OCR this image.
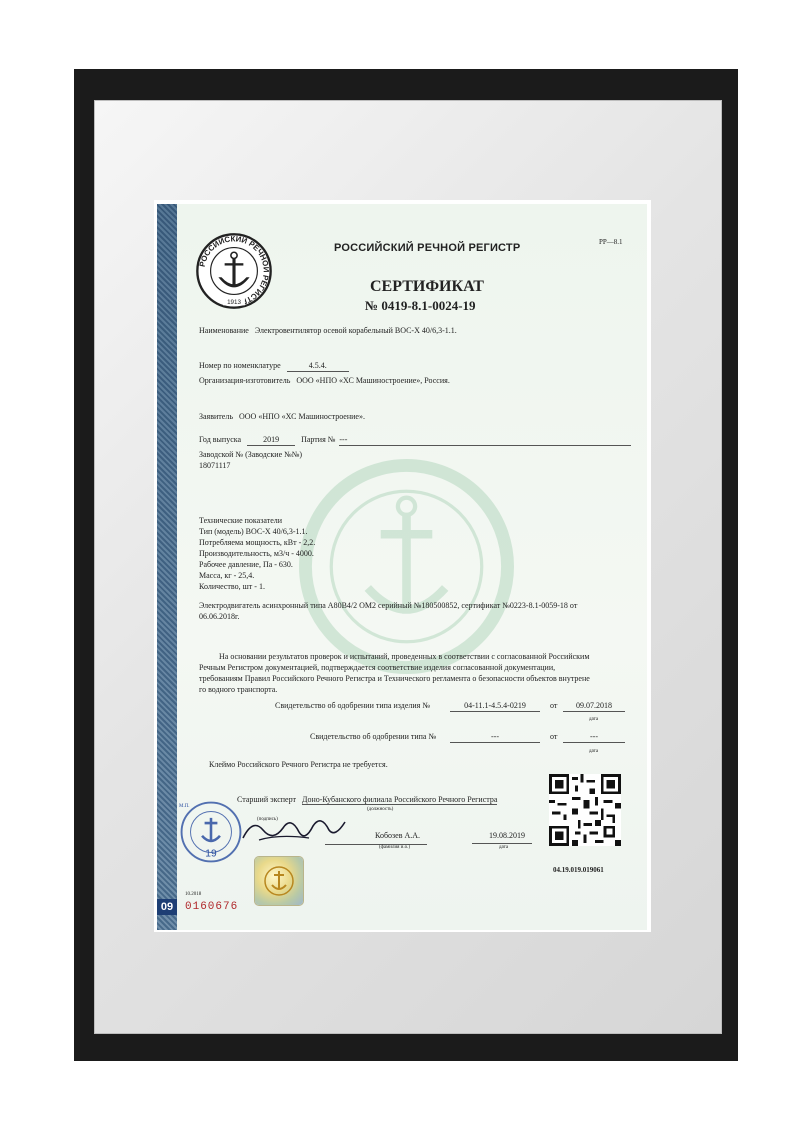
РОССИЙСКИЙ РЕЧНОЙ РЕГИСТ
1913
РОССИЙСКИЙ РЕЧНОЙ РЕГИСТР	РР—8.1
СЕРТИФИКАТ
№ 0419-8.1-0024-19
Наименование Электровентилятор осевой корабельный ВОС-Х 40/6,3-1.1.
Номер по номенклатуре	4.5.4.
Организация-изготовитель ООО «НПО «ХС Машиностроение», Россия.
Заявитель ООО «НПО «ХС Машиностроение».
Год выпуска	2019	Партия № ---
Заводской № (Заводские №№)
18071117
Технические показатели
Тип (модель) ВОС-Х 40/6,3-1.1.
Потребляема мощность, кВт - 2,2.
Производительность, м3/ч - 4000.
Рабочее давление, Па - 630.
Масса, кг - 25,4.
Количество, шт - 1.
Электродвигатель асинхронный типа А80В4/2 ОМ2 серийный №180500852, сертификат №0223-8.1-0059-18 от
06.06.2018г.
На основании результатов проверок и испытаний, проведенных в соответствии с согласованной Российским
Речным Регистром документацией, подтверждается соответствие изделия согласованной документации,
требованиям Правил Российского Речного Регистра и Технического регламента о безопасности объектов внутрене
го водного транспорта.
Свидетельство об одобрении типа изделия №	04-11.1-4.5.4-0219	от	09.07.2018
дата
Свидетельство об одобрении типа №	---	от	---
дата
Клеймо Российского Речного Регистра не требуется.
Старший эксперт Доно-Кубанского филиала Российского Речного Регистра
(должность)
19
М.П.
(подпись)
Кобозев А.А.
(фамилия и.о.)
19.08.2019
дата
04.19.019.019061
10.2018
09	0160676
